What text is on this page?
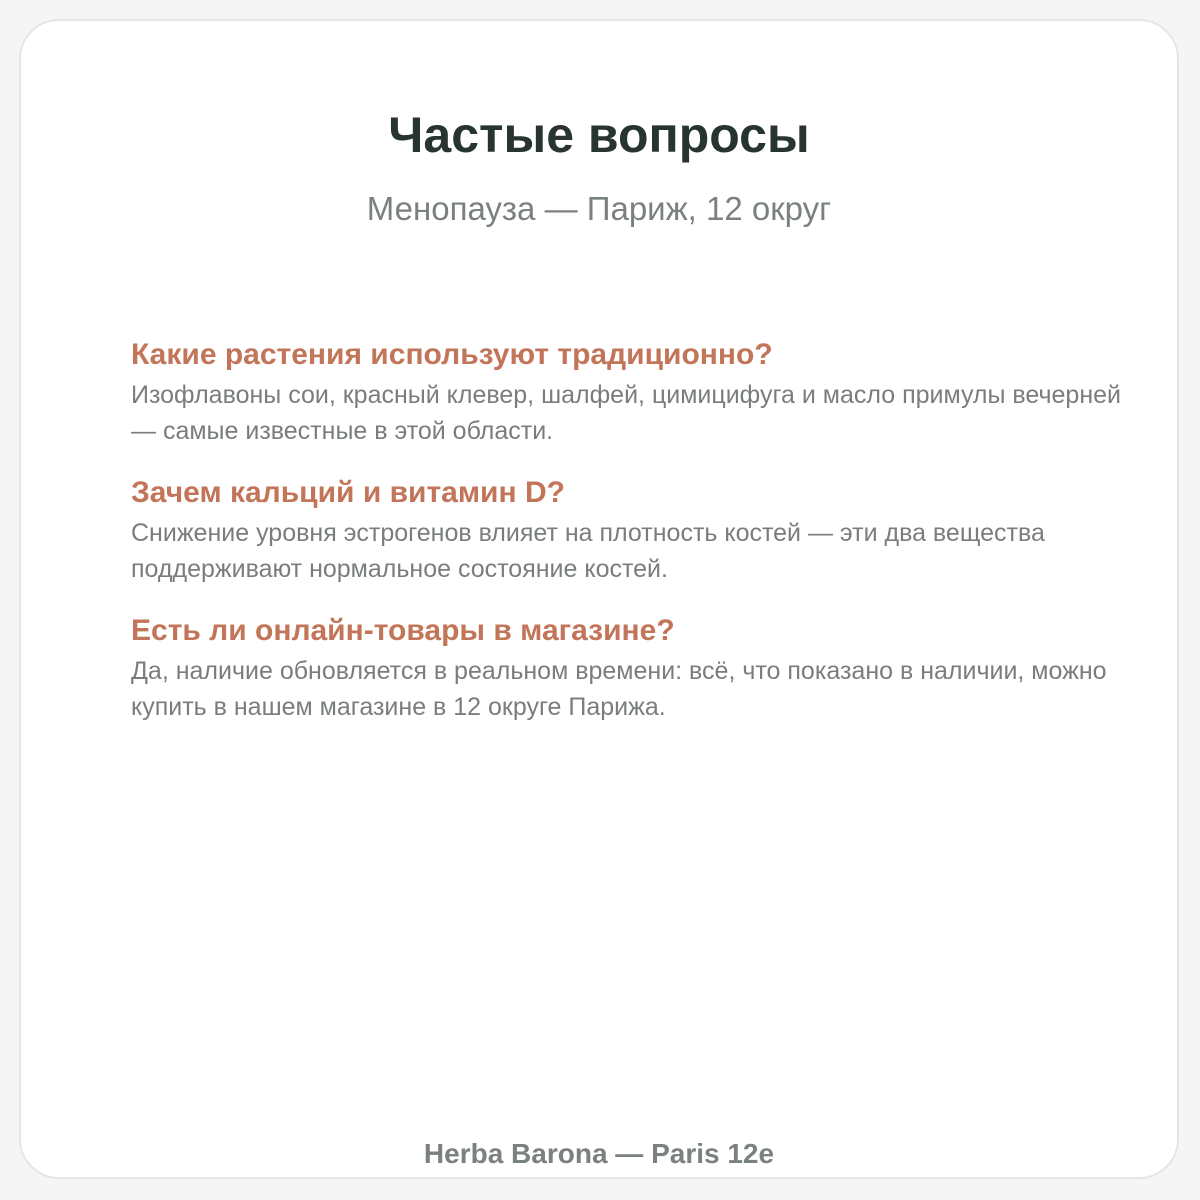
Частые вопросы

Менопауза — Париж, 12 округ

Какие растения используют традиционно?

Изофлавоны сои, красный клевер, шалфей, цимицифуга и масло примулы вечерней — самые известные в этой области.

Зачем кальций и витамин D?

Снижение уровня эстрогенов влияет на плотность костей — эти два вещества поддерживают нормальное состояние костей.

Есть ли онлайн-товары в магазине?

Да, наличие обновляется в реальном времени: всё, что показано в наличии, можно купить в нашем магазине в 12 округе Парижа.

Herba Barona — Paris 12e
